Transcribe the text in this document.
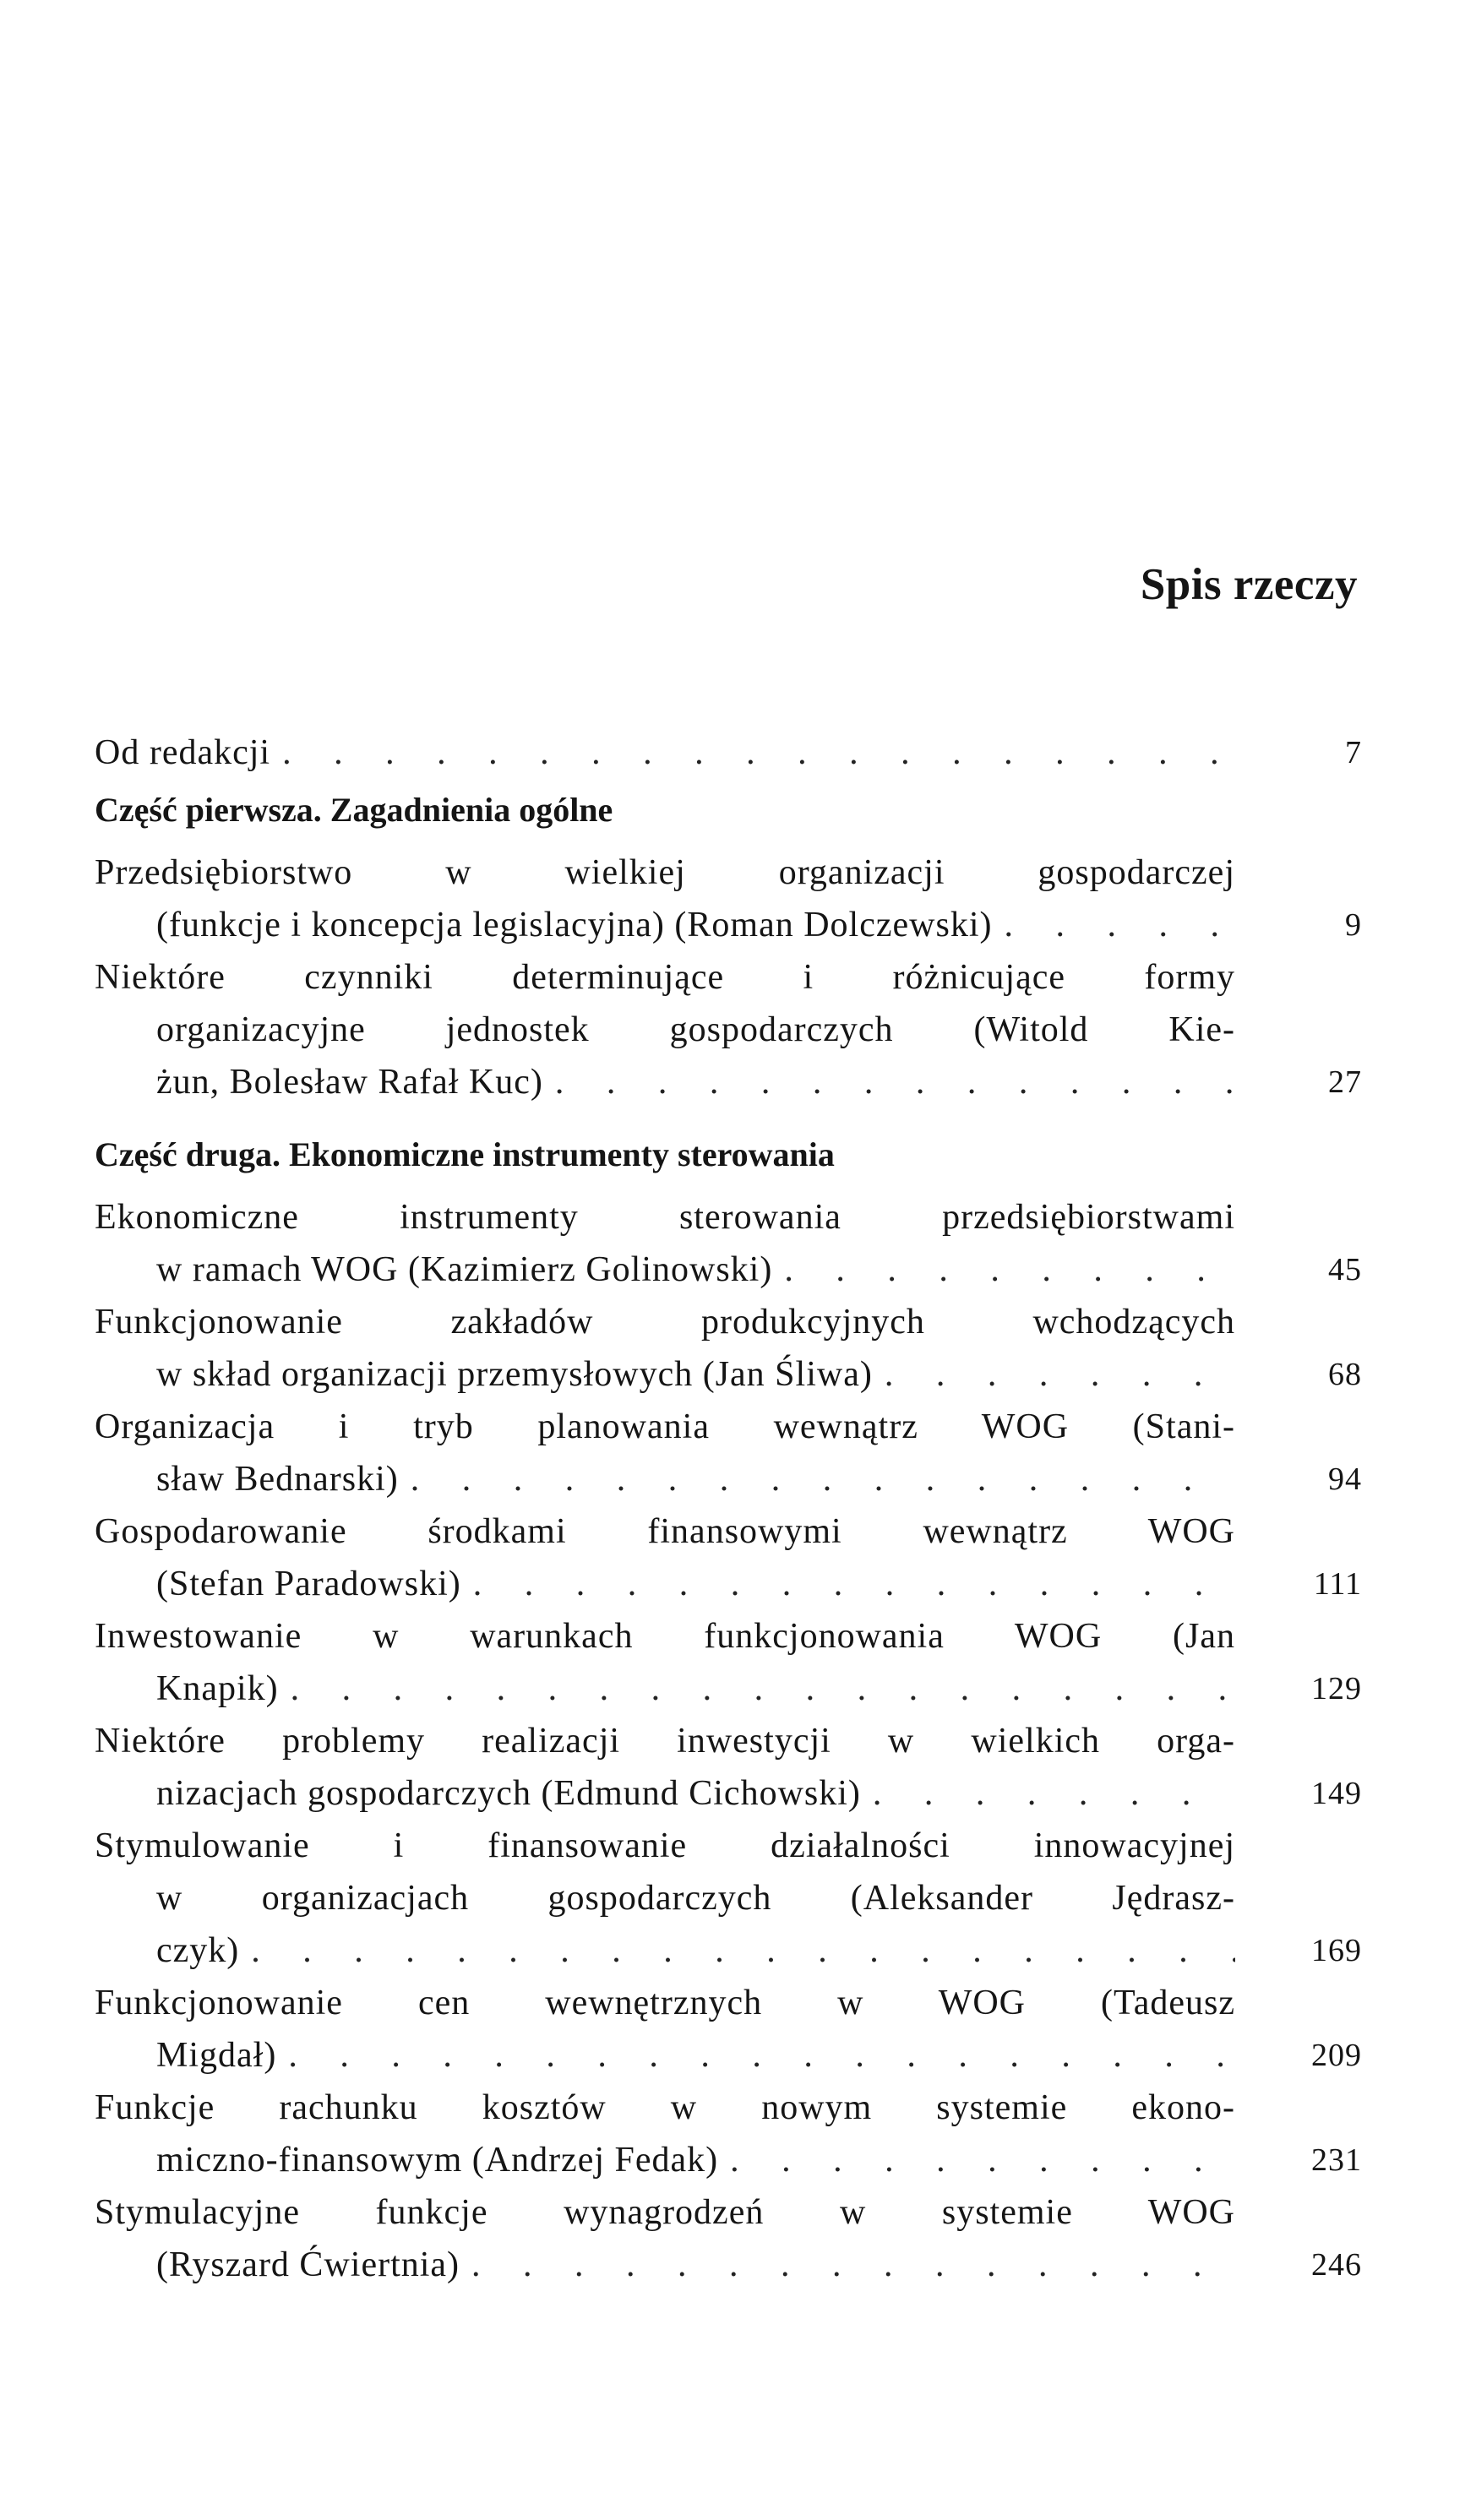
Spis rzeczy
Od redakcji . . .	7
Część pierwsza. Zagadnienia ogólne
Przedsiębiorstwo w wielkiej organizacji gospodarczej
(funkcje i koncepcja legislacyjna) (Roman Dolczewski) . . .	9
Niektóre czynniki determinujące i różnicujące formy
organizacyjne jednostek gospodarczych (Witold Kie-
żun, Bolesław Rafał Kuc) . . .	27
Część druga. Ekonomiczne instrumenty sterowania
Ekonomiczne instrumenty sterowania przedsiębiorstwami
w ramach WOG (Kazimierz Golinowski) . . .	45
Funkcjonowanie zakładów produkcyjnych wchodzących
w skład organizacji przemysłowych (Jan Śliwa) . . .	68
Organizacja i tryb planowania wewnątrz WOG (Stani-
sław Bednarski) . . .	94
Gospodarowanie środkami finansowymi wewnątrz WOG
(Stefan Paradowski) . . .	111
Inwestowanie w warunkach funkcjonowania WOG (Jan
Knapik) . . .	129
Niektóre problemy realizacji inwestycji w wielkich orga-
nizacjach gospodarczych (Edmund Cichowski) . . .	149
Stymulowanie i finansowanie działalności innowacyjnej
w organizacjach gospodarczych (Aleksander Jędrasz-
czyk) . . .	169
Funkcjonowanie cen wewnętrznych w WOG (Tadeusz
Migdał) . . .	209
Funkcje rachunku kosztów w nowym systemie ekono-
miczno-finansowym (Andrzej Fedak) . . .	231
Stymulacyjne funkcje wynagrodzeń w systemie WOG
(Ryszard Ćwiertnia) . . .	246
